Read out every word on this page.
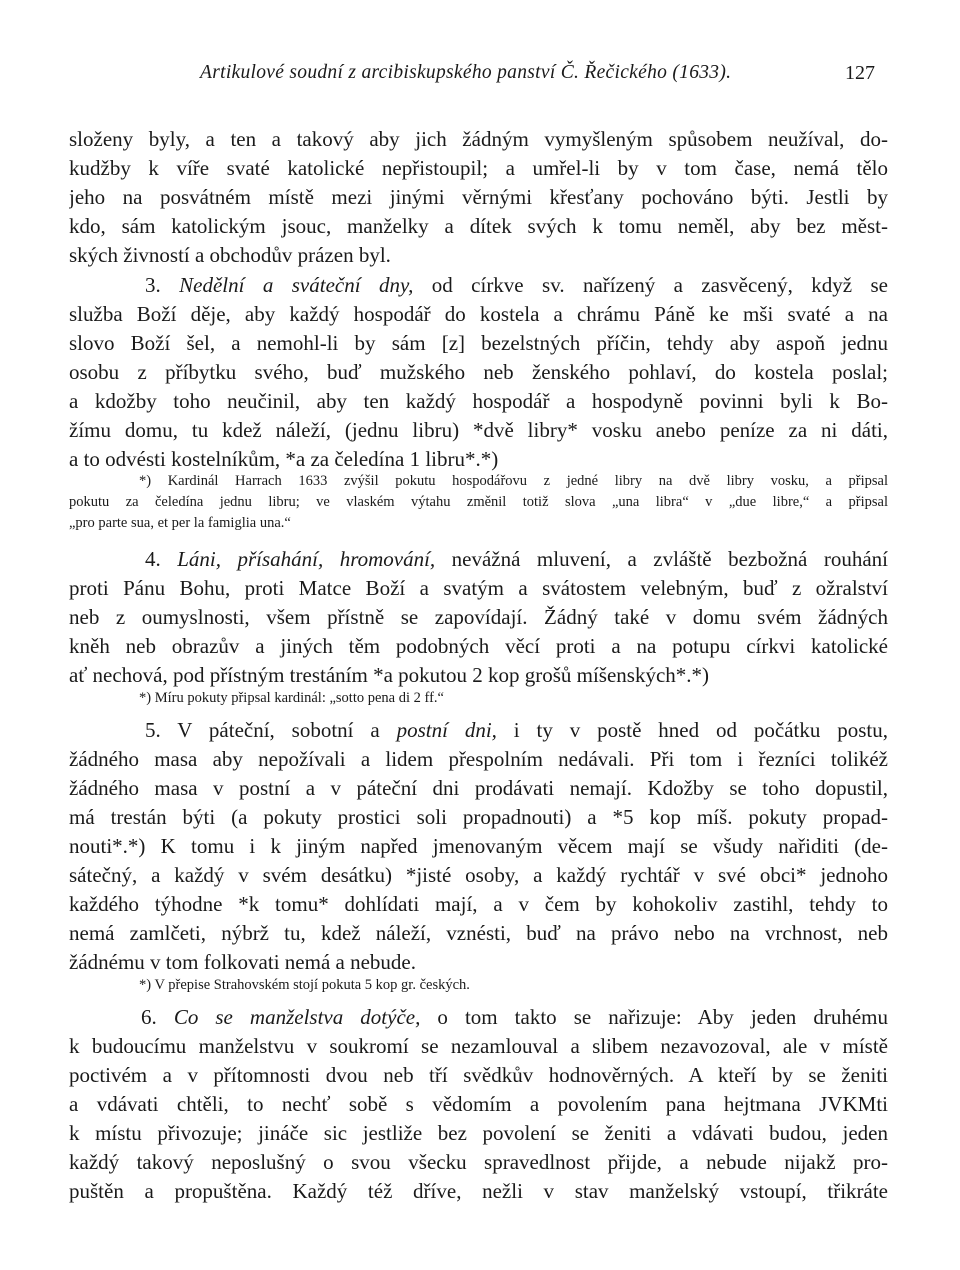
Artikulové soudní z arcibiskupského panství Č. Řečického (1633).	127
složeny byly, a ten a takový aby jich žádným vymyšleným spůsobem neužíval, do-
kudžby k víře svaté katolické nepřistoupil; a umřel-li by v tom čase, nemá tělo
jeho na posvátném místě mezi jinými věrnými křesťany pochováno býti. Jestli by
kdo, sám katolickým jsouc, manželky a dítek svých k tomu neměl, aby bez měst-
ských živností a obchodův prázen byl.
3. Nedělní a sváteční dny, od církve sv. nařízený a zasvěcený, když se
služba Boží děje, aby každý hospodář do kostela a chrámu Páně ke mši svaté a na
slovo Boží šel, a nemohl-li by sám [z] bezelstných příčin, tehdy aby aspoň jednu
osobu z příbytku svého, buď mužského neb ženského pohlaví, do kostela poslal;
a kdožby toho neučinil, aby ten každý hospodář a hospodyně povinni byli k Bo-
žímu domu, tu kdež náleží, (jednu libru) *dvě libry* vosku anebo peníze za ni dáti,
a to odvésti kostelníkům, *a za čeledína 1 libru*.*)
*) Kardinál Harrach 1633 zvýšil pokutu hospodářovu z jedné libry na dvě libry vosku, a připsal
pokutu za čeledína jednu libru; ve vlaském výtahu změnil totiž slova „una libra“ v „due libre,“ a připsal
„pro parte sua, et per la famiglia una.“
4. Láni, přísahání, hromování, nevážná mluvení, a zvláště bezbožná rouhání
proti Pánu Bohu, proti Matce Boží a svatým a svátostem velebným, buď z ožralství
neb z oumyslnosti, všem přístně se zapovídají. Žádný také v domu svém žádných
kněh neb obrazův a jiných těm podobných věcí proti a na potupu církvi katolické
ať nechová, pod přístným trestáním *a pokutou 2 kop grošů míšenských*.*)
*) Míru pokuty připsal kardinál: „sotto pena di 2 ff.“
5. V páteční, sobotní a postní dni, i ty v postě hned od počátku postu,
žádného masa aby nepožívali a lidem přespolním nedávali. Při tom i řezníci tolikéž
žádného masa v postní a v páteční dni prodávati nemají. Kdožby se toho dopustil,
má trestán býti (a pokuty prostici soli propadnouti) a *5 kop míš. pokuty propad-
nouti*.*) K tomu i k jiným napřed jmenovaným věcem mají se všudy nařiditi (de-
sátečný, a každý v svém desátku) *jisté osoby, a každý rychtář v své obci* jednoho
každého týhodne *k tomu* dohlídati mají, a v čem by kohokoliv zastihl, tehdy to
nemá zamlčeti, nýbrž tu, kdež náleží, vznésti, buď na právo nebo na vrchnost, neb
žádnému v tom folkovati nemá a nebude.
*) V přepise Strahovském stojí pokuta 5 kop gr. českých.
6. Co se manželstva dotýče, o tom takto se nařizuje: Aby jeden druhému
k budoucímu manželstvu v soukromí se nezamlouval a slibem nezavozoval, ale v místě
poctivém a v přítomnosti dvou neb tří svědkův hodnověrných. A kteří by se ženiti
a vdávati chtěli, to nechť sobě s vědomím a povolením pana hejtmana JVKMti
k místu přivozuje; jináče sic jestliže bez povolení se ženiti a vdávati budou, jeden
každý takový neposlušný o svou všecku spravedlnost přijde, a nebude nijakž pro-
puštěn a propuštěna. Každý též dříve, nežli v stav manželský vstoupí, třikráte
